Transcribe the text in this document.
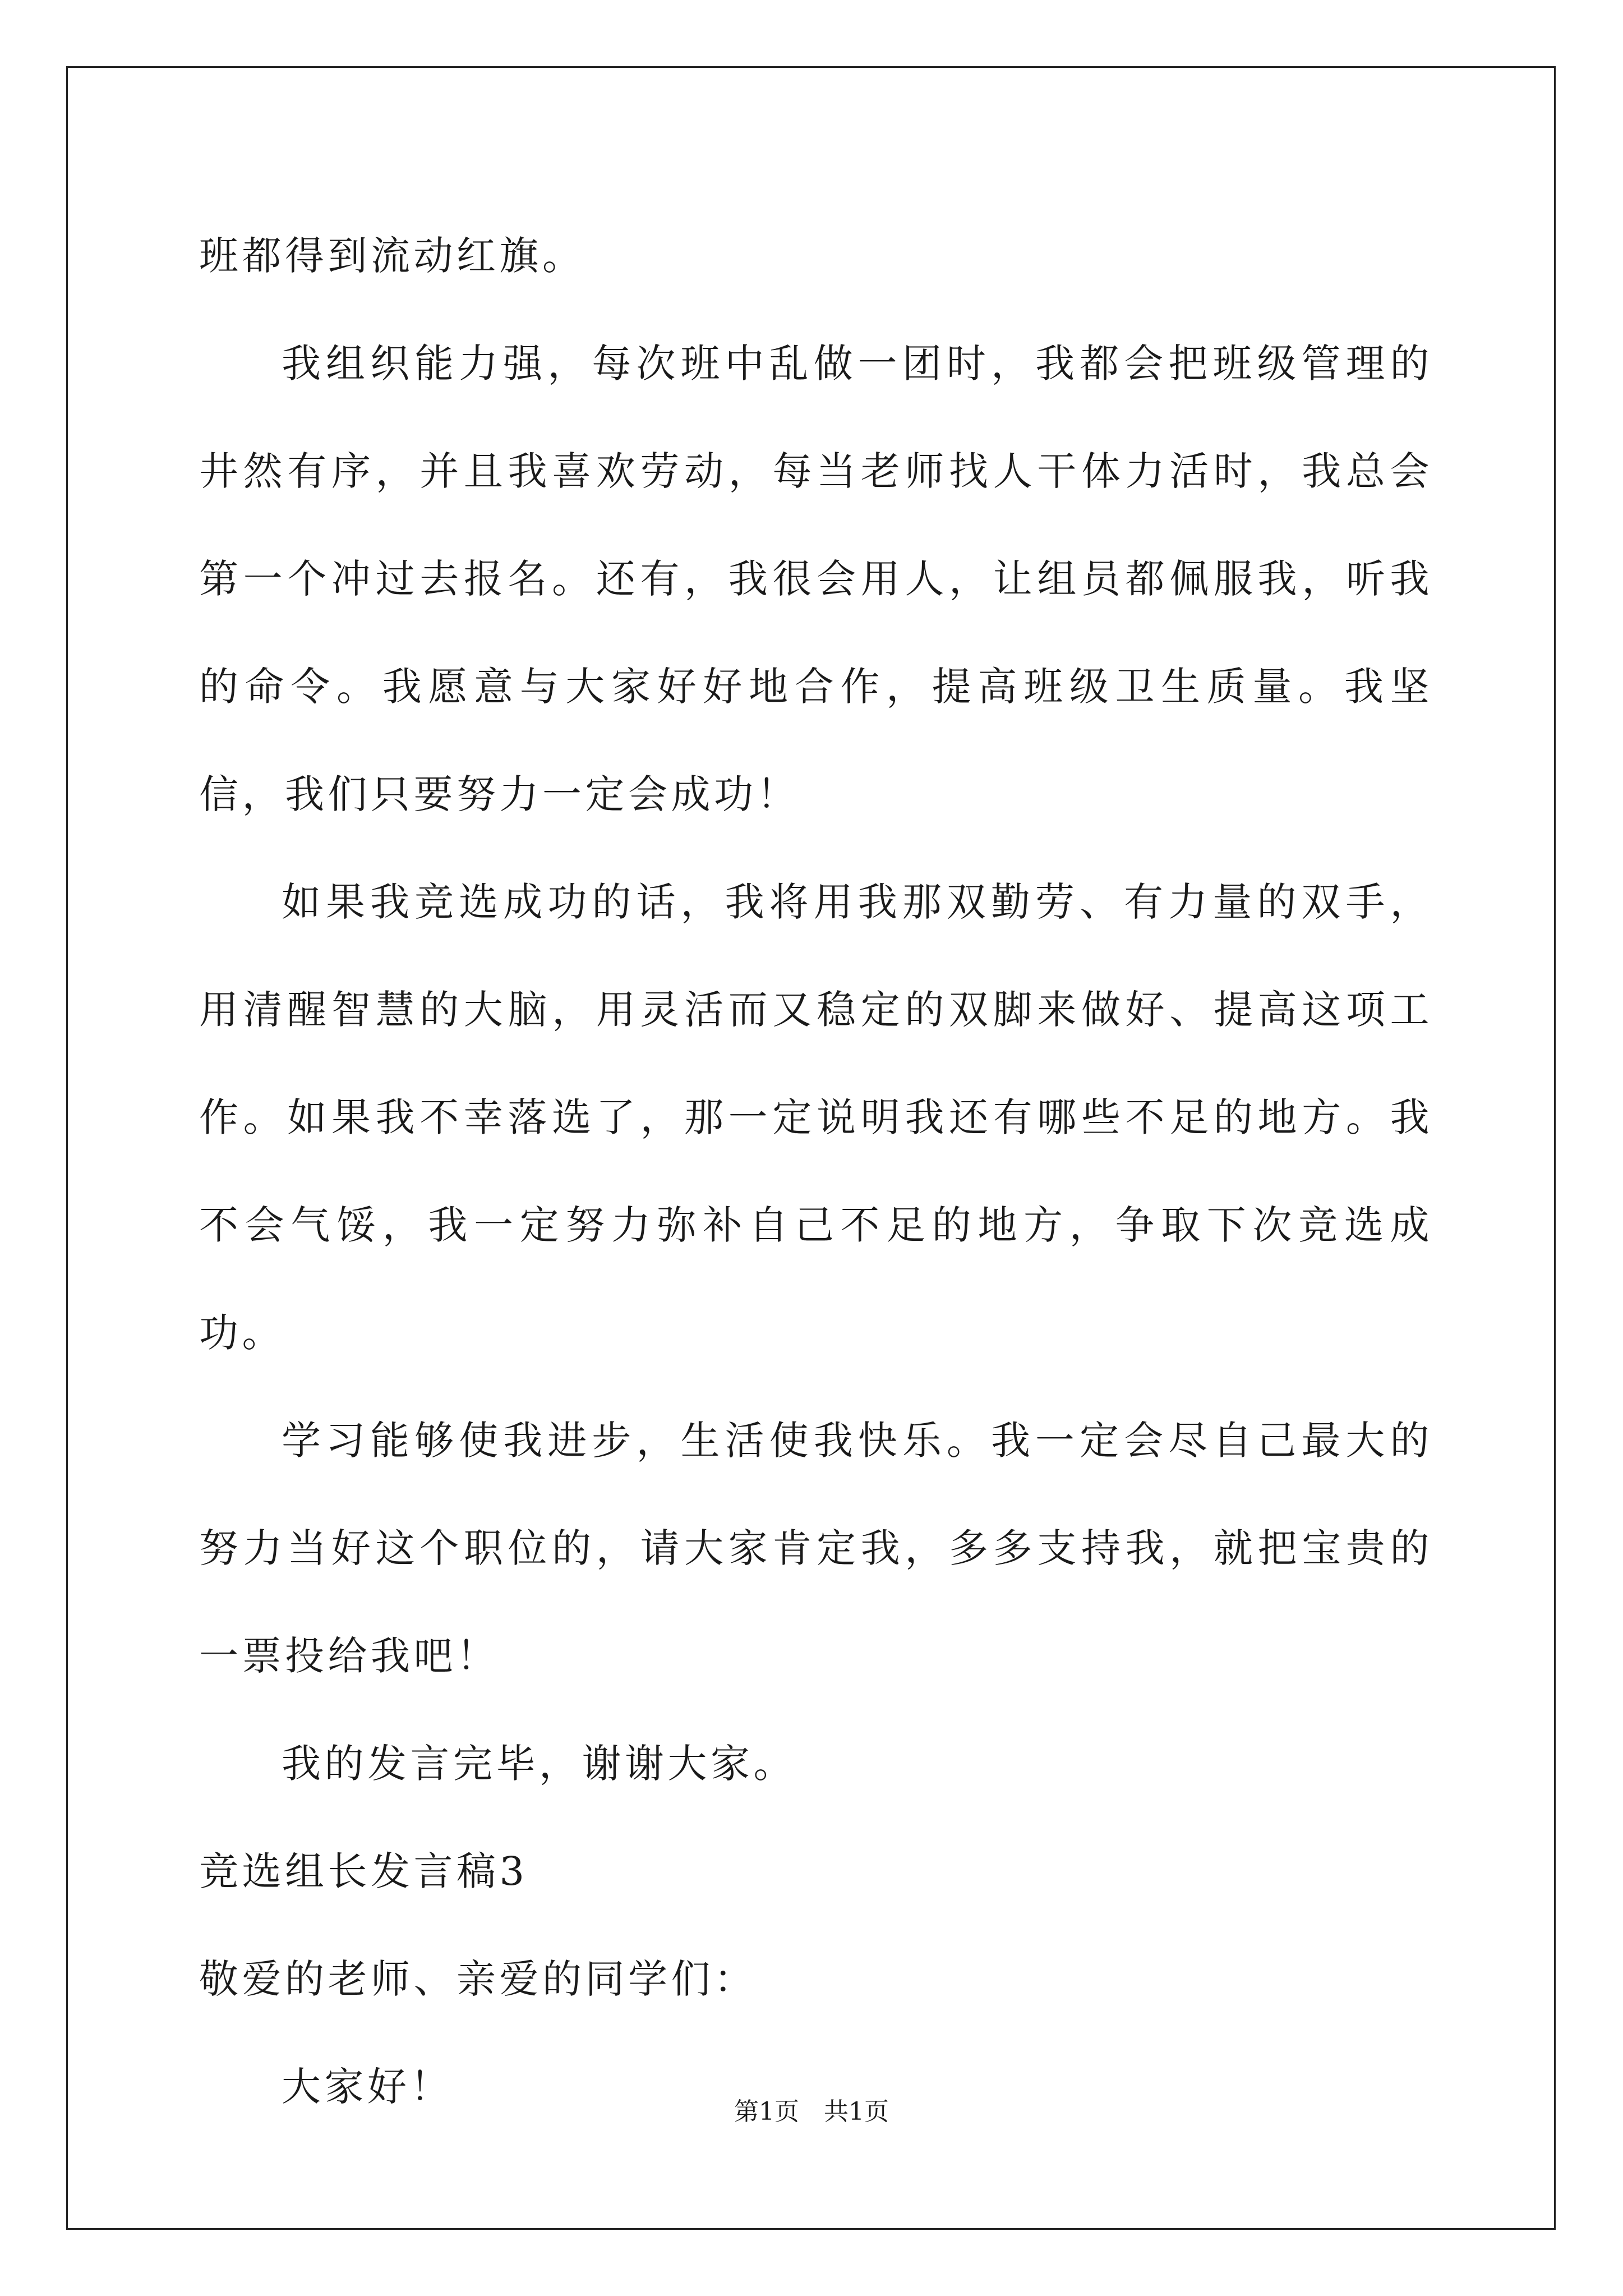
班都得到流动红旗。

我组织能力强，每次班中乱做一团时，我都会把班级管理的井然有序，并且我喜欢劳动，每当老师找人干体力活时，我总会第一个冲过去报名。还有，我很会用人，让组员都佩服我，听我的命令。我愿意与大家好好地合作，提高班级卫生质量。我坚信，我们只要努力一定会成功！

如果我竞选成功的话，我将用我那双勤劳、有力量的双手，用清醒智慧的大脑，用灵活而又稳定的双脚来做好、提高这项工作。如果我不幸落选了，那一定说明我还有哪些不足的地方。我不会气馁，我一定努力弥补自己不足的地方，争取下次竞选成功。

学习能够使我进步，生活使我快乐。我一定会尽自己最大的努力当好这个职位的，请大家肯定我，多多支持我，就把宝贵的一票投给我吧！

我的发言完毕，谢谢大家。

竞选组长发言稿3

敬爱的老师、亲爱的同学们：

大家好！

第1页 共1页
